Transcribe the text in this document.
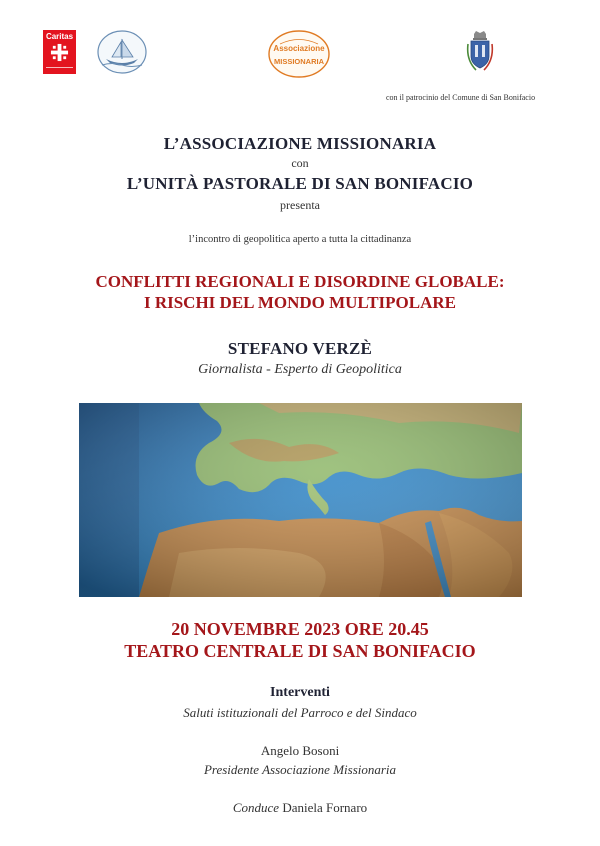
Caritas
Associazione
MISSIONARIA
con il patrocinio del Comune di San Bonifacio
L’ASSOCIAZIONE MISSIONARIA
con
L’UNITÀ PASTORALE DI SAN BONIFACIO
presenta
l’incontro di geopolitica aperto a tutta la cittadinanza
CONFLITTI REGIONALI E DISORDINE GLOBALE:
I RISCHI DEL MONDO MULTIPOLARE
STEFANO VERZÈ
Giornalista - Esperto di Geopolitica
20 NOVEMBRE 2023 ORE 20.45
TEATRO CENTRALE DI SAN BONIFACIO
Interventi
Saluti istituzionali del Parroco e del Sindaco
Angelo Bosoni
Presidente Associazione Missionaria
Conduce Daniela Fornaro
